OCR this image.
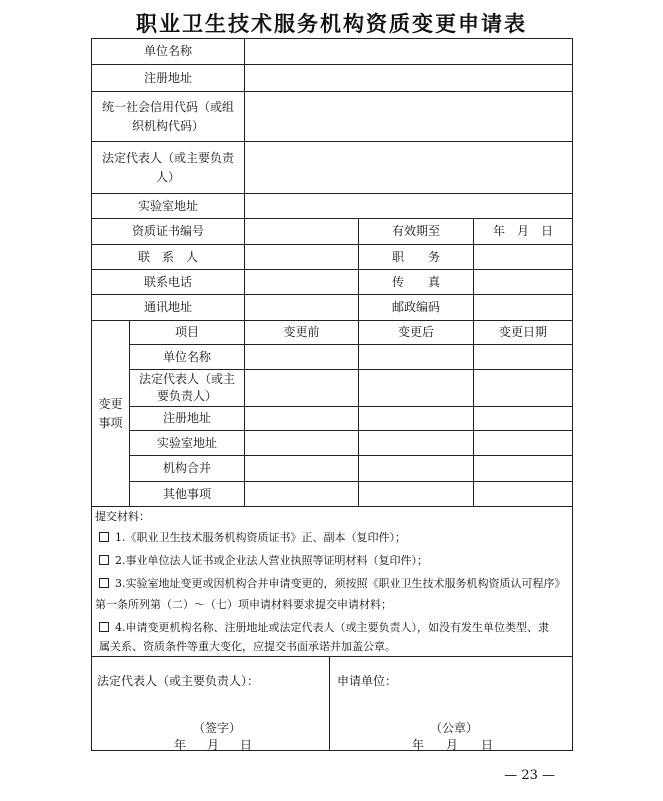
职业卫生技术服务机构资质变更申请表
单位名称
注册地址
统一社会信用代码（或组织机构代码）
法定代表人（或主要负责人）
实验室地址
资质证书编号	有效期至	年　月　日
联　系　人	职　　务
联系电话	传　　真
通讯地址	邮政编码
变更
事项
项目	变更前	变更后	变更日期
单位名称
法定代表人（或主要负责人）
注册地址
实验室地址
机构合并
其他事项
提交材料：
1.《职业卫生技术服务机构资质证书》正、副本（复印件）；
2.事业单位法人证书或企业法人营业执照等证明材料（复印件）；
3.实验室地址变更或因机构合并申请变更的，须按照《职业卫生技术服务机构资质认可程序》
第一条所列第（二）～（七）项申请材料要求提交申请材料；
4.申请变更机构名称、注册地址或法定代表人（或主要负责人），如没有发生单位类型、隶属关系、资质条件等重大变化，应提交书面承诺并加盖公章。
法定代表人（或主要负责人）：	申请单位：
（签字）	（公章）
年 月 日	年 月 日
— 23 —
